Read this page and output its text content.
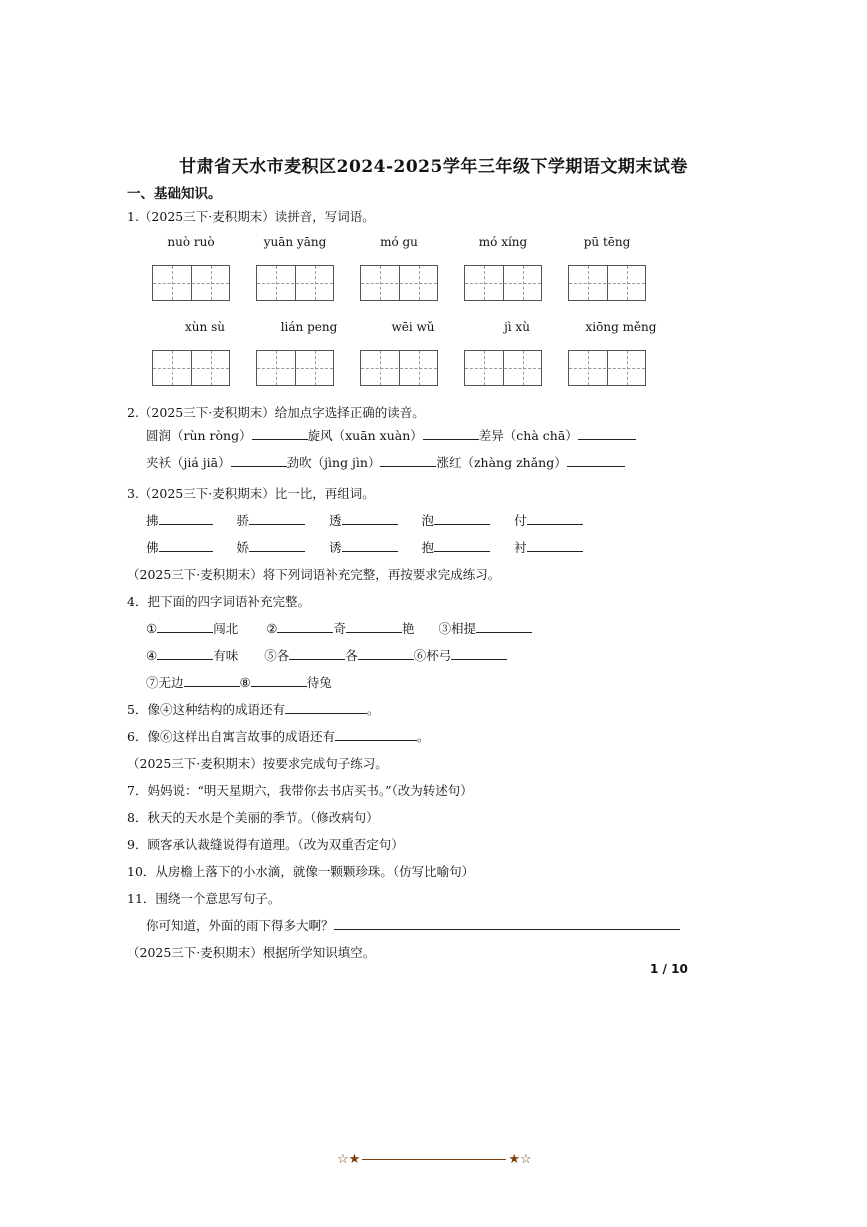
甘肃省天水市麦积区2024-2025学年三年级下学期语文期末试卷
一、基础知识。
1.（2025三下·麦积期末）读拼音，写词语。
nuò ruò	yuān yāng	mó gu	mó xíng	pū tēng
xùn sù	lián peng	wēi wǔ	jì xù	xiōng měng
2.（2025三下·麦积期末）给加点字选择正确的读音。
圆润（rùn ròng）	旋风（xuān xuàn）	差异（chà chā）
夹袄（jiá jiā）	劲吹（jìng jìn）	涨红（zhàng zhǎng）
3.（2025三下·麦积期末）比一比，再组词。
拂	骄	透	泡	付
佛	娇	诱	抱	衬
（2025三下·麦积期末）将下列词语补充完整，再按要求完成练习。
4．把下面的四字词语补充完整。
①	闯北 ②	奇	艳 ③相提
④	有味 ⑤各	各	⑥杯弓
⑦无边	⑧	待兔
5．像④这种结构的成语还有	。
6．像⑥这样出自寓言故事的成语还有	。
（2025三下·麦积期末）按要求完成句子练习。
7．妈妈说：“明天星期六，我带你去书店买书。”（改为转述句）
8．秋天的天水是个美丽的季节。（修改病句）
9．顾客承认裁缝说得有道理。（改为双重否定句）
10．从房檐上落下的小水滴，就像一颗颗珍珠。（仿写比喻句）
11．围绕一个意思写句子。
你可知道，外面的雨下得多大啊？
（2025三下·麦积期末）根据所学知识填空。
1 / 10
☆★	★☆
